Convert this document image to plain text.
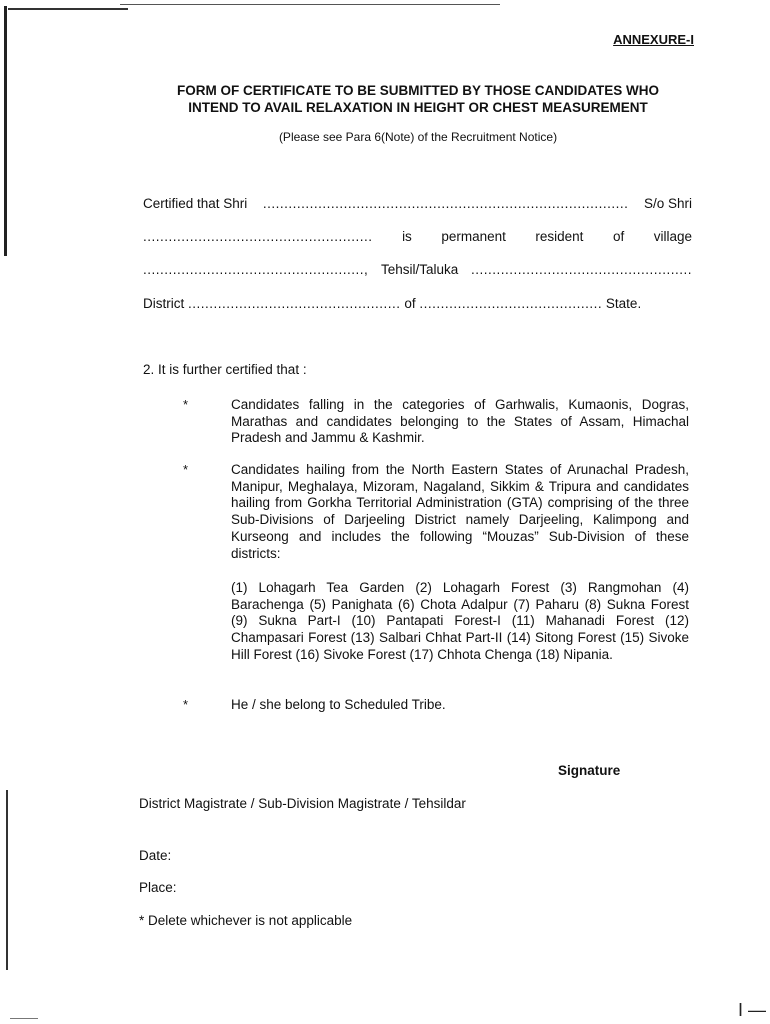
ANNEXURE-I
FORM OF CERTIFICATE TO BE SUBMITTED BY THOSE CANDIDATES WHO
INTEND TO AVAIL RELAXATION IN HEIGHT OR CHEST MEASUREMENT
(Please see Para 6(Note) of the Recruitment Notice)
Certified that Shri ...................................................................................... S/o Shri
...................................................... is permanent resident of village
...................................................., Tehsil/Taluka ....................................................
District .................................................. of ........................................... State.
2. It is further certified that :
*	Candidates falling in the categories of Garhwalis, Kumaonis, Dogras, Marathas and candidates belonging to the States of Assam, Himachal Pradesh and Jammu & Kashmir.
*	Candidates hailing from the North Eastern States of Arunachal Pradesh, Manipur, Meghalaya, Mizoram, Nagaland, Sikkim & Tripura and candidates hailing from Gorkha Territorial Administration (GTA) comprising of the three Sub-Divisions of Darjeeling District namely Darjeeling, Kalimpong and Kurseong and includes the following “Mouzas” Sub-Division of these districts:
(1) Lohagarh Tea Garden (2) Lohagarh Forest (3) Rangmohan (4) Barachenga (5) Panighata (6) Chota Adalpur (7) Paharu (8) Sukna Forest (9) Sukna Part-I (10) Pantapati Forest-I (11) Mahanadi Forest (12) Champasari Forest (13) Salbari Chhat Part-II (14) Sitong Forest (15) Sivoke Hill Forest (16) Sivoke Forest (17) Chhota Chenga (18) Nipania.
*	He / she belong to Scheduled Tribe.
Signature
District Magistrate / Sub-Division Magistrate / Tehsildar
Date:
Place:
* Delete whichever is not applicable
I —
